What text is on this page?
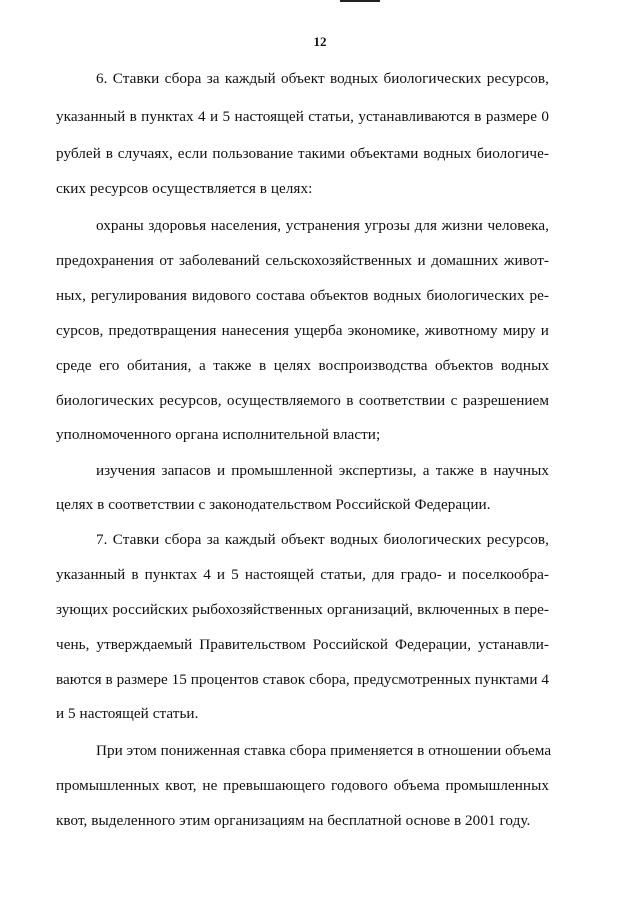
12
6. Ставки сбора за каждый объект водных биологических ресурсов,
указанный в пунктах 4 и 5 настоящей статьи, устанавливаются в размере 0
рублей в случаях, если пользование такими объектами водных биологиче-
ских ресурсов осуществляется в целях:
охраны здоровья населения, устранения угрозы для жизни человека,
предохранения от заболеваний сельскохозяйственных и домашних живот-
ных, регулирования видового состава объектов водных биологических ре-
сурсов, предотвращения нанесения ущерба экономике, животному миру и
среде его обитания, а также в целях воспроизводства объектов водных
биологических ресурсов, осуществляемого в соответствии с разрешением
уполномоченного органа исполнительной власти;
изучения запасов и промышленной экспертизы, а также в научных
целях в соответствии с законодательством Российской Федерации.
7. Ставки сбора за каждый объект водных биологических ресурсов,
указанный в пунктах 4 и 5 настоящей статьи, для градо- и поселкообра-
зующих российских рыбохозяйственных организаций, включенных в пере-
чень, утверждаемый Правительством Российской Федерации, устанавли-
ваются в размере 15 процентов ставок сбора, предусмотренных пунктами 4
и 5 настоящей статьи.
При этом пониженная ставка сбора применяется в отношении объема
промышленных квот, не превышающего годового объема промышленных
квот, выделенного этим организациям на бесплатной основе в 2001 году.
